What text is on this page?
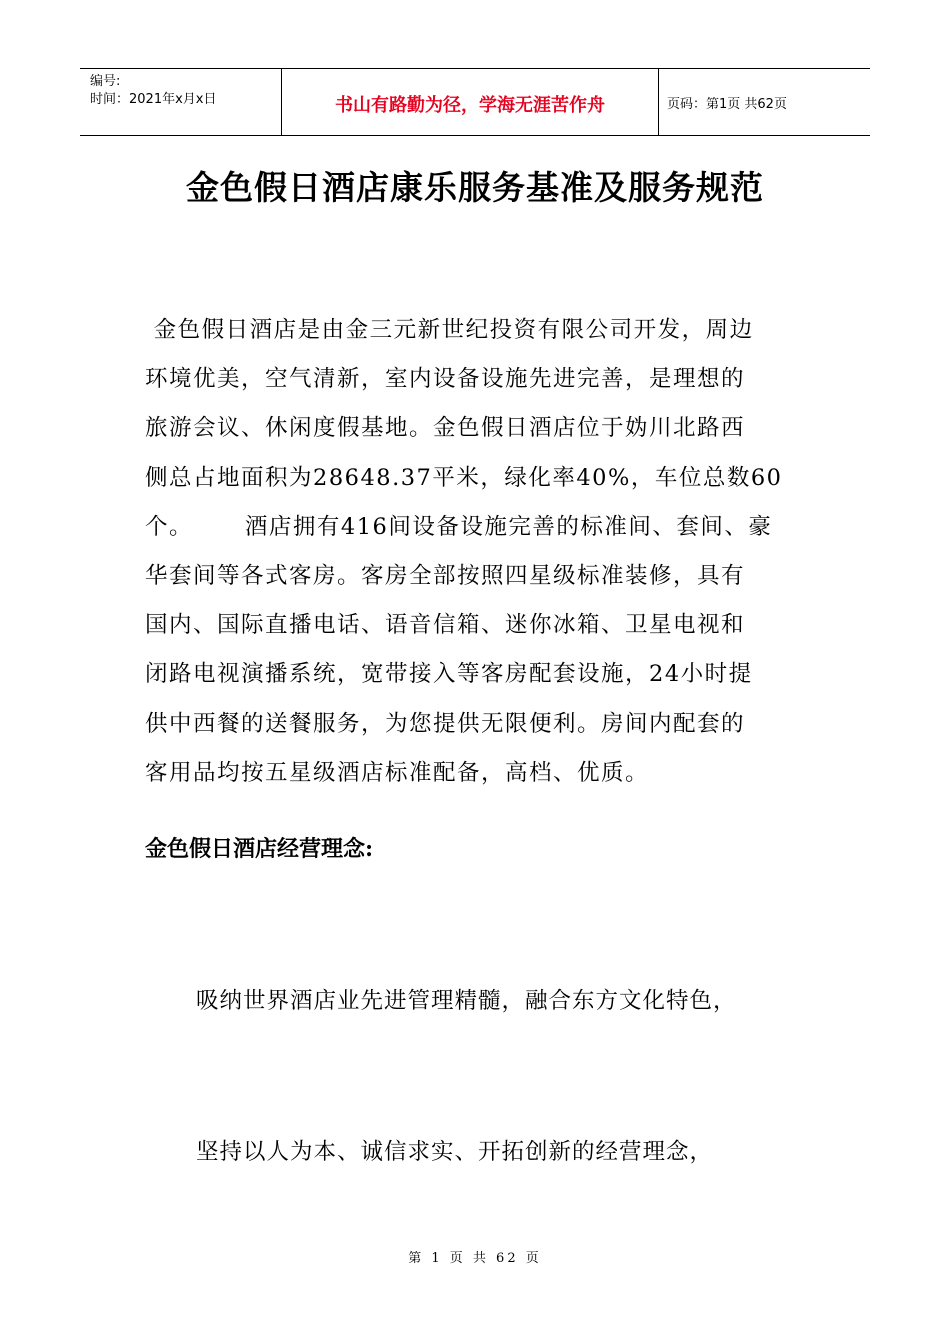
编号:
时间：2021年x月x日	书山有路勤为径，学海无涯苦作舟	页码：第1页 共62页
金色假日酒店康乐服务基准及服务规范
金色假日酒店是由金三元新世纪投资有限公司开发，周边
环境优美，空气清新，室内设备设施先进完善，是理想的
旅游会议、休闲度假基地。金色假日酒店位于妫川北路西
侧总占地面积为28648.37平米，绿化率40%，车位总数60
个。      酒店拥有416间设备设施完善的标准间、套间、豪
华套间等各式客房。客房全部按照四星级标准装修，具有
国内、国际直播电话、语音信箱、迷你冰箱、卫星电视和
闭路电视演播系统，宽带接入等客房配套设施，24小时提
供中西餐的送餐服务，为您提供无限便利。房间内配套的
客用品均按五星级酒店标准配备，高档、优质。
金色假日酒店经营理念:
吸纳世界酒店业先进管理精髓，融合东方文化特色，
坚持以人为本、诚信求实、开拓创新的经营理念，
第 1 页 共 62 页
